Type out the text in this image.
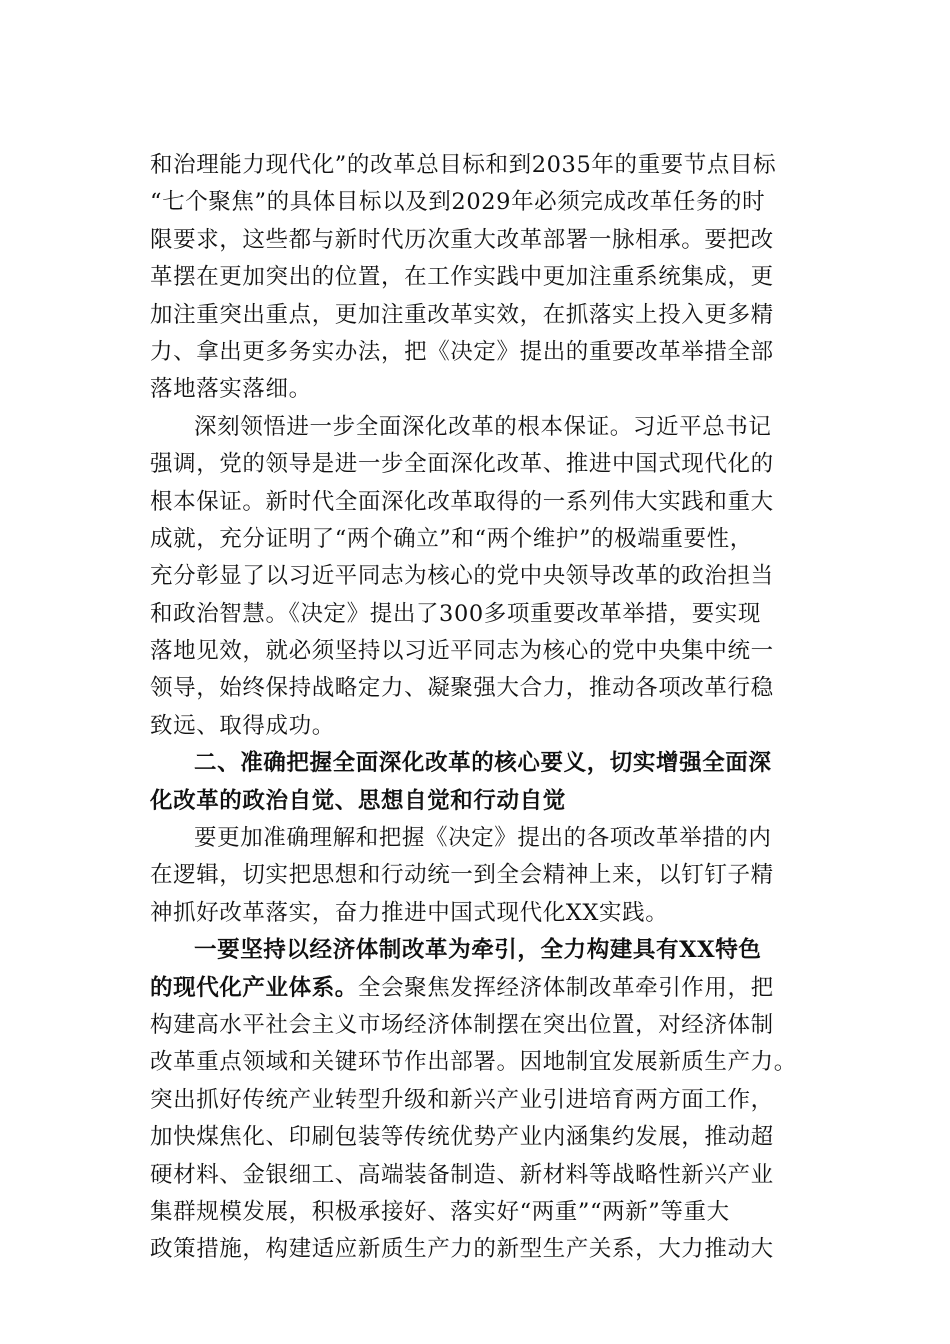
和治理能力现代化”的改革总目标和到2035年的重要节点目标
“七个聚焦”的具体目标以及到2029年必须完成改革任务的时
限要求，这些都与新时代历次重大改革部署一脉相承。要把改
革摆在更加突出的位置，在工作实践中更加注重系统集成，更
加注重突出重点，更加注重改革实效，在抓落实上投入更多精
力、拿出更多务实办法，把《决定》提出的重要改革举措全部
落地落实落细。
深刻领悟进一步全面深化改革的根本保证。习近平总书记
强调，党的领导是进一步全面深化改革、推进中国式现代化的
根本保证。新时代全面深化改革取得的一系列伟大实践和重大
成就，充分证明了“两个确立”和“两个维护”的极端重要性，
充分彰显了以习近平同志为核心的党中央领导改革的政治担当
和政治智慧。《决定》提出了300多项重要改革举措，要实现
落地见效，就必须坚持以习近平同志为核心的党中央集中统一
领导，始终保持战略定力、凝聚强大合力，推动各项改革行稳
致远、取得成功。
二、准确把握全面深化改革的核心要义，切实增强全面深
化改革的政治自觉、思想自觉和行动自觉
要更加准确理解和把握《决定》提出的各项改革举措的内
在逻辑，切实把思想和行动统一到全会精神上来，以钉钉子精
神抓好改革落实，奋力推进中国式现代化XX实践。
一要坚持以经济体制改革为牵引，全力构建具有XX特色
的现代化产业体系。全会聚焦发挥经济体制改革牵引作用，把
构建高水平社会主义市场经济体制摆在突出位置，对经济体制
改革重点领域和关键环节作出部署。因地制宜发展新质生产力。
突出抓好传统产业转型升级和新兴产业引进培育两方面工作，
加快煤焦化、印刷包装等传统优势产业内涵集约发展，推动超
硬材料、金银细工、高端装备制造、新材料等战略性新兴产业
集群规模发展，积极承接好、落实好“两重”“两新”等重大
政策措施，构建适应新质生产力的新型生产关系，大力推动大
